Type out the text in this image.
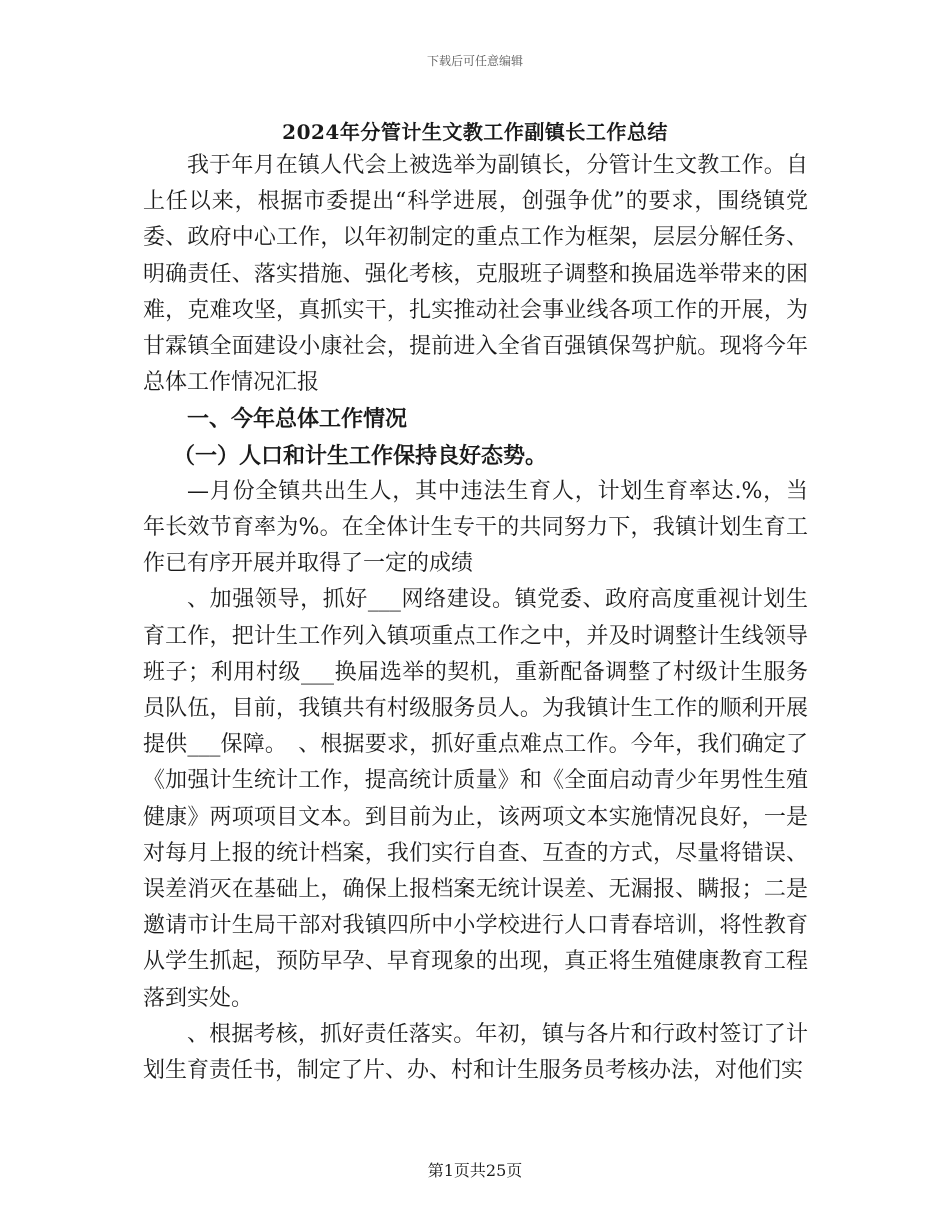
下载后可任意编辑
2024年分管计生文教工作副镇长工作总结

我于年月在镇人代会上被选举为副镇长，分管计生文教工作。自上任以来，根据市委提出“科学进展，创强争优”的要求，围绕镇党委、政府中心工作，以年初制定的重点工作为框架，层层分解任务、明确责任、落实措施、强化考核，克服班子调整和换届选举带来的困难，克难攻坚，真抓实干，扎实推动社会事业线各项工作的开展，为甘霖镇全面建设小康社会，提前进入全省百强镇保驾护航。现将今年总体工作情况汇报

一、今年总体工作情况

（一）人口和计生工作保持良好态势。

—月份全镇共出生人，其中违法生育人，计划生育率达.%，当年长效节育率为%。在全体计生专干的共同努力下，我镇计划生育工作已有序开展并取得了一定的成绩

、加强领导，抓好___网络建设。镇党委、政府高度重视计划生育工作，把计生工作列入镇项重点工作之中，并及时调整计生线领导班子；利用村级___换届选举的契机，重新配备调整了村级计生服务员队伍，目前，我镇共有村级服务员人。为我镇计生工作的顺利开展提供___保障。　、根据要求，抓好重点难点工作。今年，我们确定了《加强计生统计工作，提高统计质量》和《全面启动青少年男性生殖健康》两项项目文本。到目前为止，该两项文本实施情况良好，一是对每月上报的统计档案，我们实行自查、互查的方式，尽量将错误、误差消灭在基础上，确保上报档案无统计误差、无漏报、瞒报；二是邀请市计生局干部对我镇四所中小学校进行人口青春培训，将性教育从学生抓起，预防早孕、早育现象的出现，真正将生殖健康教育工程落到实处。

、根据考核，抓好责任落实。年初，镇与各片和行政村签订了计划生育责任书，制定了片、办、村和计生服务员考核办法，对他们实

第1页共25页
